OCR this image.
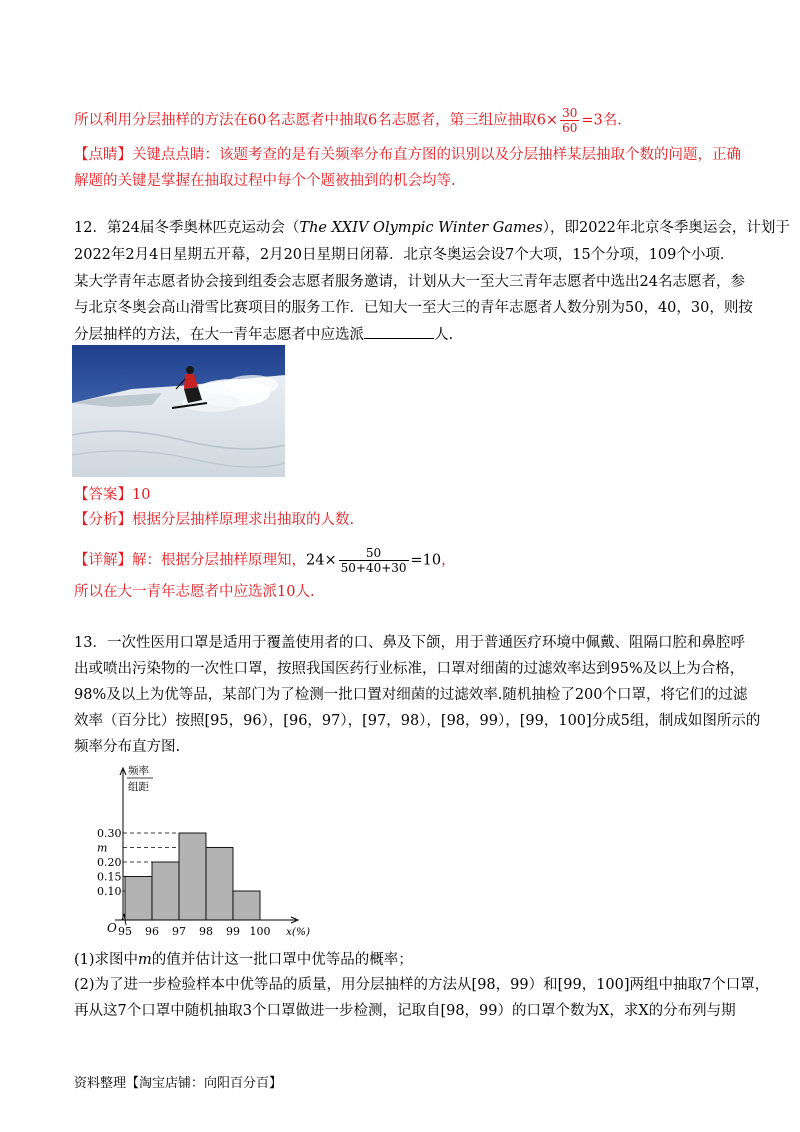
所以利用分层抽样的方法在60名志愿者中抽取6名志愿者，第三组应抽取$6\times \frac{30}{60} =3$名.
【点睛】关键点点睛：该题考查的是有关频率分布直方图的识别以及分层抽样某层抽取个数的问题，正确
解题的关键是掌握在抽取过程中每个个题被抽到的机会均等.
12．第24届冬季奥林匹克运动会（The XXIV Olympic Winter Games），即2022年北京冬季奥运会，计划于
2022年2月4日星期五开幕，2月20日星期日闭幕．北京冬奥运会设7个大项，15个分项，109个小项．
某大学青年志愿者协会接到组委会志愿者服务邀请，计划从大一至大三青年志愿者中选出24名志愿者，参
与北京冬奥会高山滑雪比赛项目的服务工作．已知大一至大三的青年志愿者人数分别为50，40，30，则按
分层抽样的方法，在大一青年志愿者中应选派	人.
【答案】10
【分析】根据分层抽样原理求出抽取的人数.
【详解】解：根据分层抽样原理知，$24\times \frac{50}{50+40+30} =10$，
所以在大一青年志愿者中应选派10人.
13．一次性医用口罩是适用于覆盖使用者的口、鼻及下颌，用于普通医疗环境中佩戴、阻隔口腔和鼻腔呼
出或喷出污染物的一次性口罩，按照我国医药行业标准，口罩对细菌的过滤效率达到95%及以上为合格，
98%及以上为优等品，某部门为了检测一批口置对细菌的过滤效率.随机抽检了200个口罩，将它们的过滤
效率（百分比）按照[95，96），[96，97），[97，98），[98，99），[99，100]分成5组，制成如图所示的
频率分布直方图.
0.30
m
0.20
0.15
0.10
95 96 97 98 99 100 x(%)
O
频率
组距
(1)求图中m的值并估计这一批口罩中优等品的概率；
(2)为了进一步检验样本中优等品的质量，用分层抽样的方法从[98，99）和[99，100]两组中抽取7个口罩，
再从这7个口罩中随机抽取3个口罩做进一步检测，记取自[98，99）的口罩个数为X，求X的分布列与期
资料整理【淘宝店铺：向阳百分百】
